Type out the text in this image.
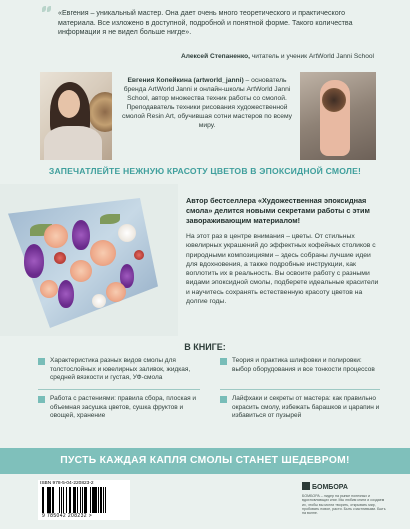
«Евгения – уникальный мастер. Она дает очень много теоретического и практического материала. Все изложено в доступной, подробной и понятной форме. Такого количества информации я не видел больше нигде».
Алексей Степаненко, читатель и ученик ArtWorld Janni School
Евгения Копейкина (artworld_janni) – основатель бренда ArtWorld Janni и онлайн-школы ArtWorld Janni School, автор множества техник работы со смолой. Преподаватель техники рисования художественной смолой Resin Art, обучившая сотни мастеров по всему миру.
ЗАПЕЧАТЛЕЙТЕ НЕЖНУЮ КРАСОТУ ЦВЕТОВ В ЭПОКСИДНОЙ СМОЛЕ!
Автор бестселлера «Художественная эпоксидная смола» делится новыми секретами работы с этим завораживающим материалом!
На этот раз в центре внимания – цветы. От стильных ювелирных украшений до эффектных кофейных столиков с природными композициями – здесь собраны лучшие идеи для вдохновения, а также подробные инструкции, как воплотить их в реальность. Вы освоите работу с разными видами эпоксидной смолы, подберете идеальные красители и научитесь сохранять естественную красоту цветов на долгие годы.
В КНИГЕ:
Характеристика разных видов смолы для толстослойных и ювелирных заливок, жидкая, средней вязкости и густая, УФ-смола
Работа с растениями: правила сбора, плоская и объемная засушка цветов, сушка фруктов и овощей, хранение
Теория и практика шлифовки и полировки: выбор оборудования и все тонкости процессов
Лайфхаки и секреты от мастера: как правильно окрасить смолу, избежать барашков и царапин и избавиться от пузырей
ПУСТЬ КАЖДАЯ КАПЛЯ СМОЛЫ СТАНЕТ ШЕДЕВРОМ!
ISBN 978-5-04-220823-2
9 785042 208232 >
БОМБОРА
БОМБОРА – лидер на рынке полезных и вдохновляющих книг. Мы любим книги и создаем их, чтобы вы могли творить, открывать мир, пробовать новое, расти. Быть счастливыми. Быть на волне.
